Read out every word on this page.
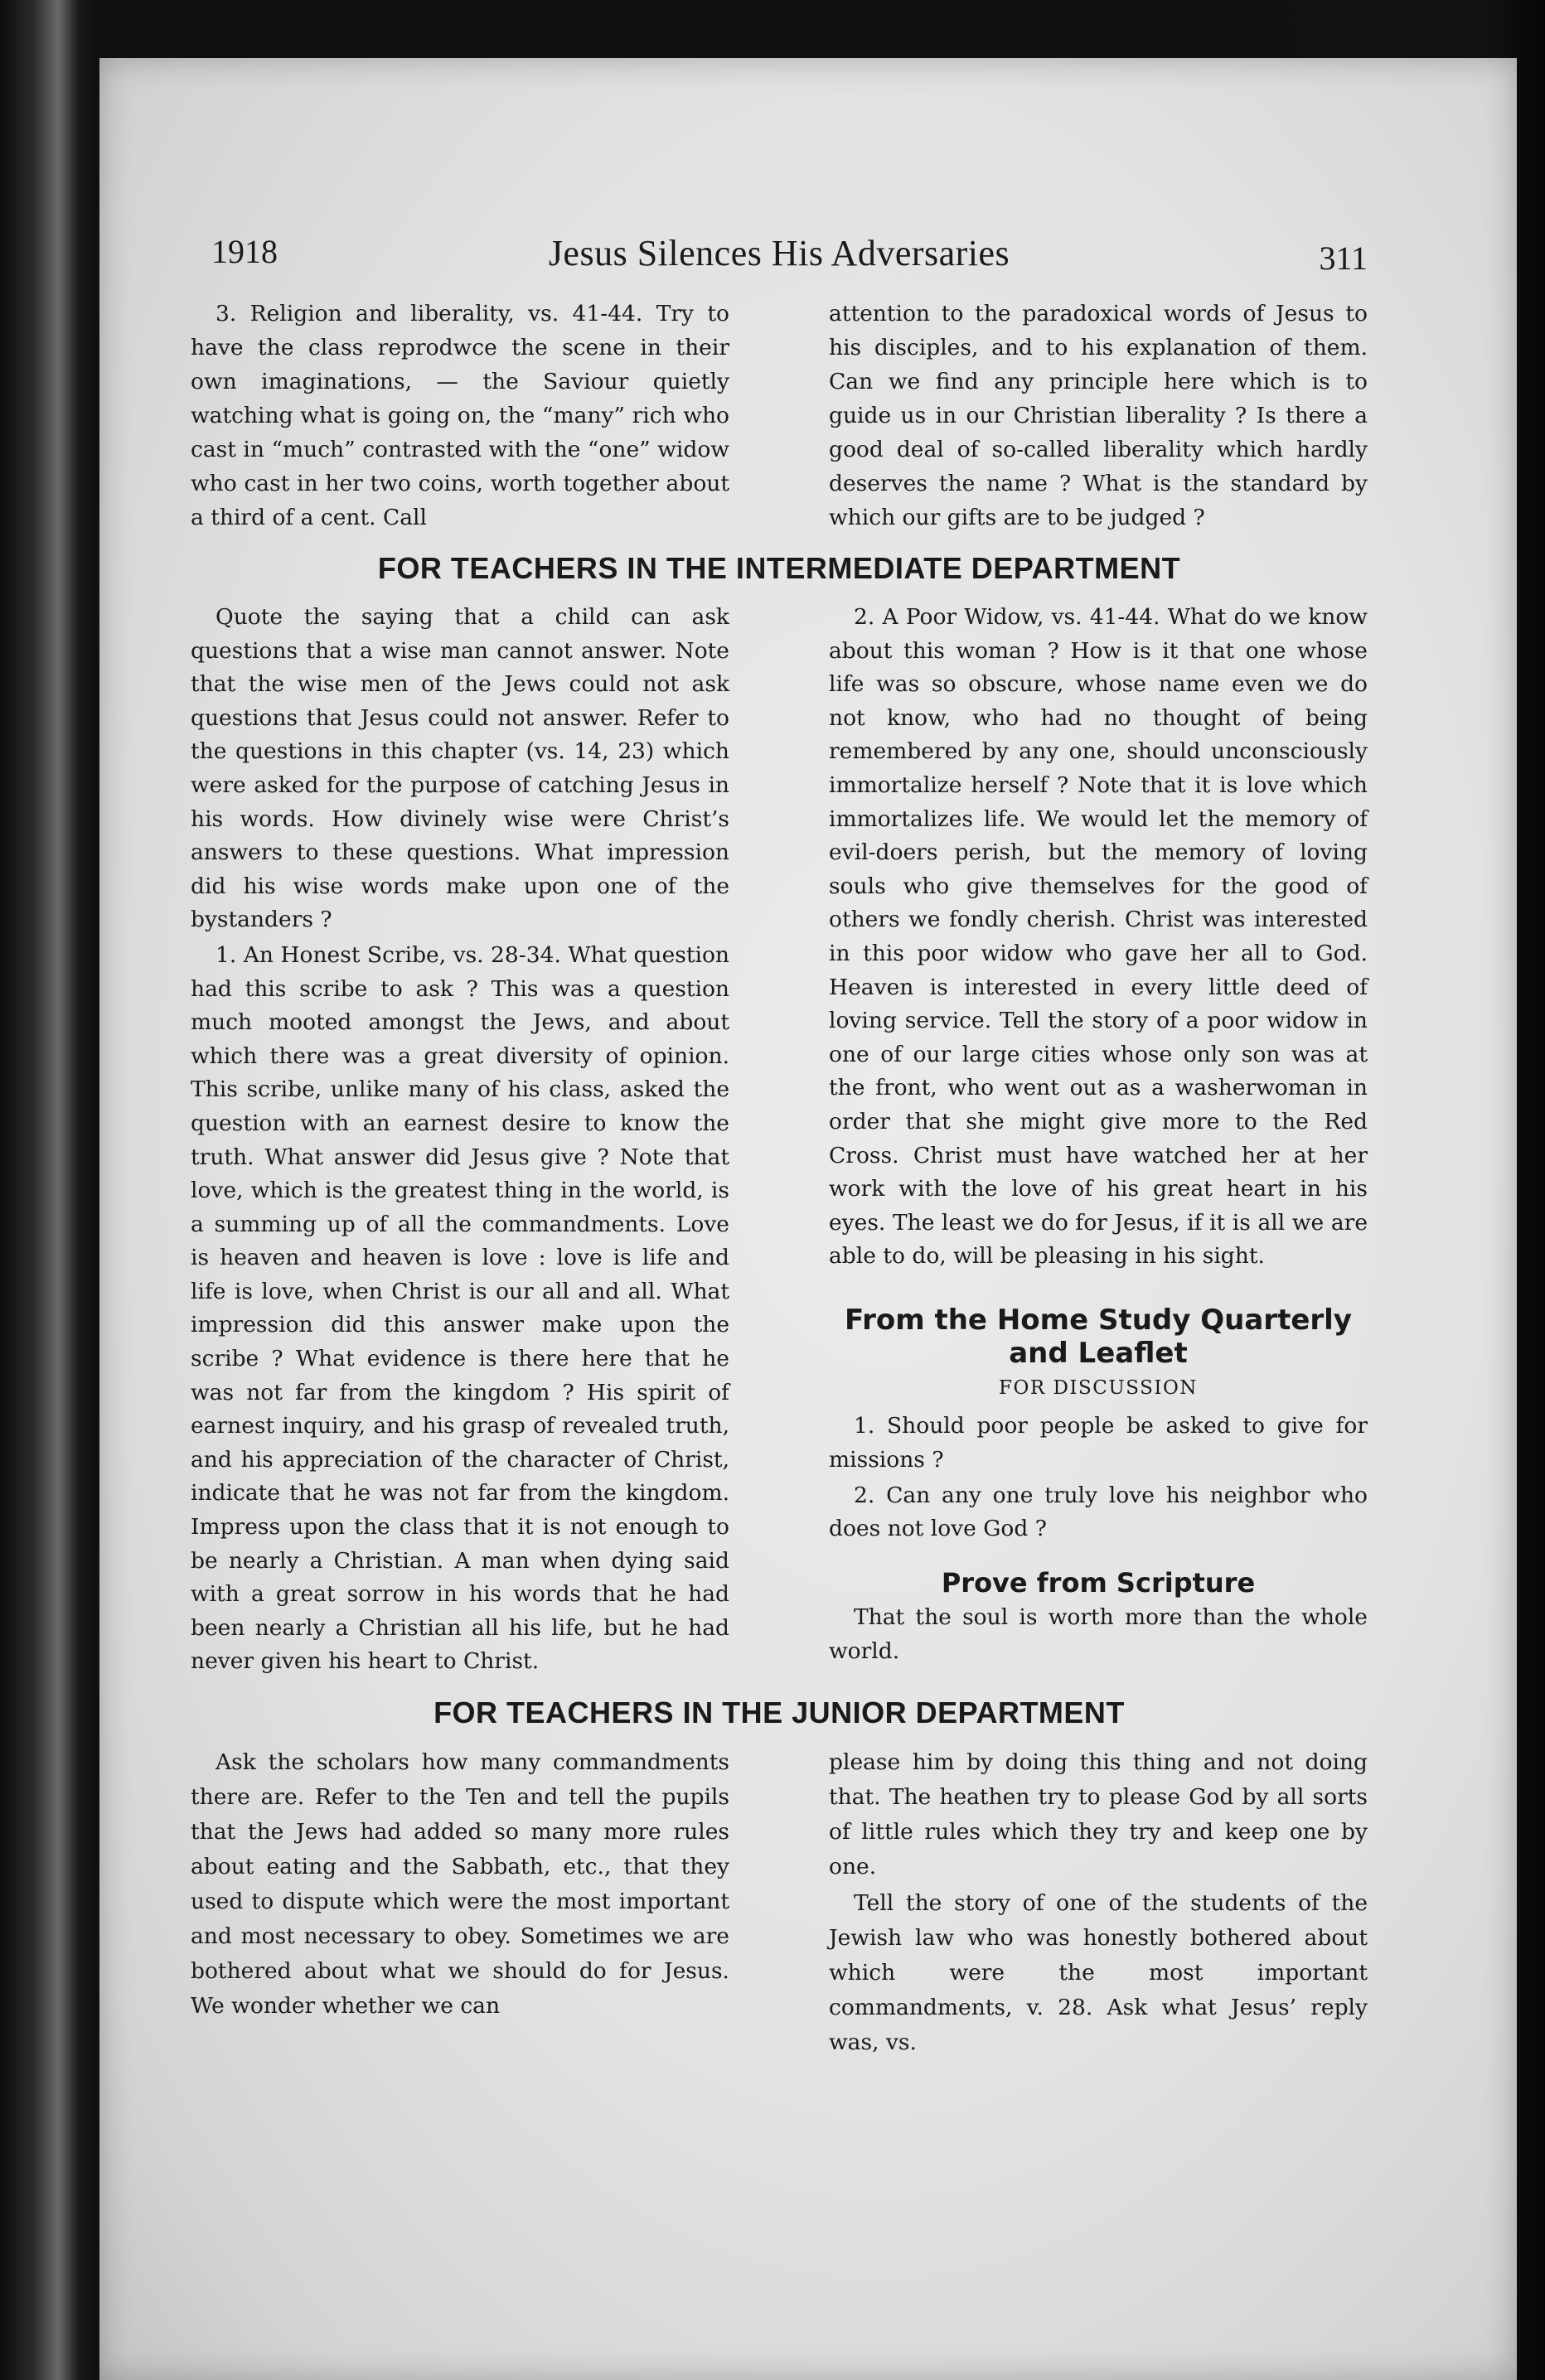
1918	Jesus Silences His Adversaries	311

3. Religion and liberality, vs. 41-44. Try to have the class reprodwce the scene in their own imaginations, — the Saviour quietly watching what is going on, the “many” rich who cast in “much” contrasted with the “one” widow who cast in her two coins, worth together about a third of a cent. Call

attention to the paradoxical words of Jesus to his disciples, and to his explanation of them. Can we find any principle here which is to guide us in our Christian liberality ? Is there a good deal of so-called liberality which hardly deserves the name ? What is the standard by which our gifts are to be judged ?

FOR TEACHERS IN THE INTERMEDIATE DEPARTMENT

Quote the saying that a child can ask questions that a wise man cannot answer. Note that the wise men of the Jews could not ask questions that Jesus could not answer. Refer to the questions in this chapter (vs. 14, 23) which were asked for the purpose of catching Jesus in his words. How divinely wise were Christ’s answers to these questions. What impression did his wise words make upon one of the bystanders ?

1. An Honest Scribe, vs. 28-34. What question had this scribe to ask ? This was a question much mooted amongst the Jews, and about which there was a great diversity of opinion. This scribe, unlike many of his class, asked the question with an earnest desire to know the truth. What answer did Jesus give ? Note that love, which is the greatest thing in the world, is a summing up of all the commandments. Love is heaven and heaven is love : love is life and life is love, when Christ is our all and all. What impression did this answer make upon the scribe ? What evidence is there here that he was not far from the kingdom ? His spirit of earnest inquiry, and his grasp of revealed truth, and his appreciation of the character of Christ, indicate that he was not far from the kingdom. Impress upon the class that it is not enough to be nearly a Christian. A man when dying said with a great sorrow in his words that he had been nearly a Christian all his life, but he had never given his heart to Christ.

2. A Poor Widow, vs. 41-44. What do we know about this woman ? How is it that one whose life was so obscure, whose name even we do not know, who had no thought of being remembered by any one, should unconsciously immortalize herself ? Note that it is love which immortalizes life. We would let the memory of evil-doers perish, but the memory of loving souls who give themselves for the good of others we fondly cherish. Christ was interested in this poor widow who gave her all to God. Heaven is interested in every little deed of loving service. Tell the story of a poor widow in one of our large cities whose only son was at the front, who went out as a washerwoman in order that she might give more to the Red Cross. Christ must have watched her at her work with the love of his great heart in his eyes. The least we do for Jesus, if it is all we are able to do, will be pleasing in his sight.

From the Home Study Quarterly and Leaflet
FOR DISCUSSION

1. Should poor people be asked to give for missions ?

2. Can any one truly love his neighbor who does not love God ?

Prove from Scripture

That the soul is worth more than the whole world.

FOR TEACHERS IN THE JUNIOR DEPARTMENT

Ask the scholars how many commandments there are. Refer to the Ten and tell the pupils that the Jews had added so many more rules about eating and the Sabbath, etc., that they used to dispute which were the most important and most necessary to obey. Sometimes we are bothered about what we should do for Jesus. We wonder whether we can

please him by doing this thing and not doing that. The heathen try to please God by all sorts of little rules which they try and keep one by one.

Tell the story of one of the students of the Jewish law who was honestly bothered about which were the most important commandments, v. 28. Ask what Jesus’ reply was, vs.
